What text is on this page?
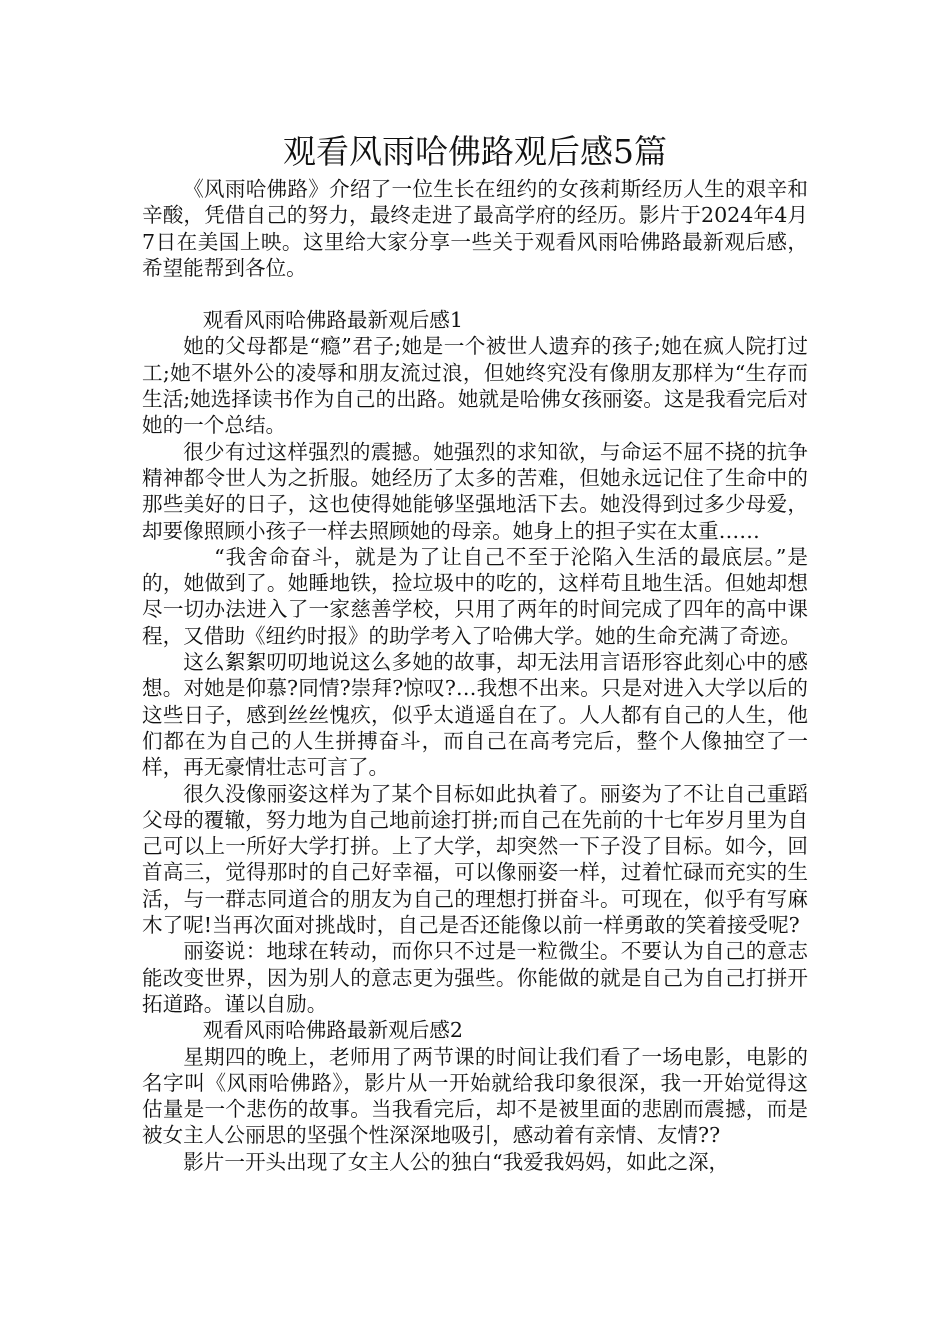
观看风雨哈佛路观后感5篇

《风雨哈佛路》介绍了一位生长在纽约的女孩莉斯经历人生的艰辛和辛酸，凭借自己的努力，最终走进了最高学府的经历。影片于2024年4月7日在美国上映。这里给大家分享一些关于观看风雨哈佛路最新观后感，希望能帮到各位。

观看风雨哈佛路最新观后感1

她的父母都是“瘾”君子;她是一个被世人遗弃的孩子;她在疯人院打过工;她不堪外公的凌辱和朋友流过浪，但她终究没有像朋友那样为“生存而生活;她选择读书作为自己的出路。她就是哈佛女孩丽姿。这是我看完后对她的一个总结。

很少有过这样强烈的震撼。她强烈的求知欲，与命运不屈不挠的抗争精神都令世人为之折服。她经历了太多的苦难，但她永远记住了生命中的那些美好的日子，这也使得她能够坚强地活下去。她没得到过多少母爱，却要像照顾小孩子一样去照顾她的母亲。她身上的担子实在太重……

“我舍命奋斗，就是为了让自己不至于沦陷入生活的最底层。”是的，她做到了。她睡地铁，捡垃圾中的吃的，这样苟且地生活。但她却想尽一切办法进入了一家慈善学校，只用了两年的时间完成了四年的高中课程，又借助《纽约时报》的助学考入了哈佛大学。她的生命充满了奇迹。

这么絮絮叨叨地说这么多她的故事，却无法用言语形容此刻心中的感想。对她是仰慕?同情?崇拜?惊叹?…我想不出来。只是对进入大学以后的这些日子，感到丝丝愧疚，似乎太逍遥自在了。人人都有自己的人生，他们都在为自己的人生拼搏奋斗，而自己在高考完后，整个人像抽空了一样，再无豪情壮志可言了。

很久没像丽姿这样为了某个目标如此执着了。丽姿为了不让自己重蹈父母的覆辙，努力地为自己地前途打拼;而自己在先前的十七年岁月里为自己可以上一所好大学打拼。上了大学，却突然一下子没了目标。如今，回首高三，觉得那时的自己好幸福，可以像丽姿一样，过着忙碌而充实的生活，与一群志同道合的朋友为自己的理想打拼奋斗。可现在，似乎有写麻木了呢!当再次面对挑战时，自己是否还能像以前一样勇敢的笑着接受呢?

丽姿说：地球在转动，而你只不过是一粒微尘。不要认为自己的意志能改变世界，因为别人的意志更为强些。你能做的就是自己为自己打拼开拓道路。谨以自励。

观看风雨哈佛路最新观后感2

星期四的晚上，老师用了两节课的时间让我们看了一场电影，电影的名字叫《风雨哈佛路》，影片从一开始就给我印象很深，我一开始觉得这估量是一个悲伤的故事。当我看完后，却不是被里面的悲剧而震撼，而是被女主人公丽思的坚强个性深深地吸引，感动着有亲情、友情??

影片一开头出现了女主人公的独白“我爱我妈妈，如此之深，
